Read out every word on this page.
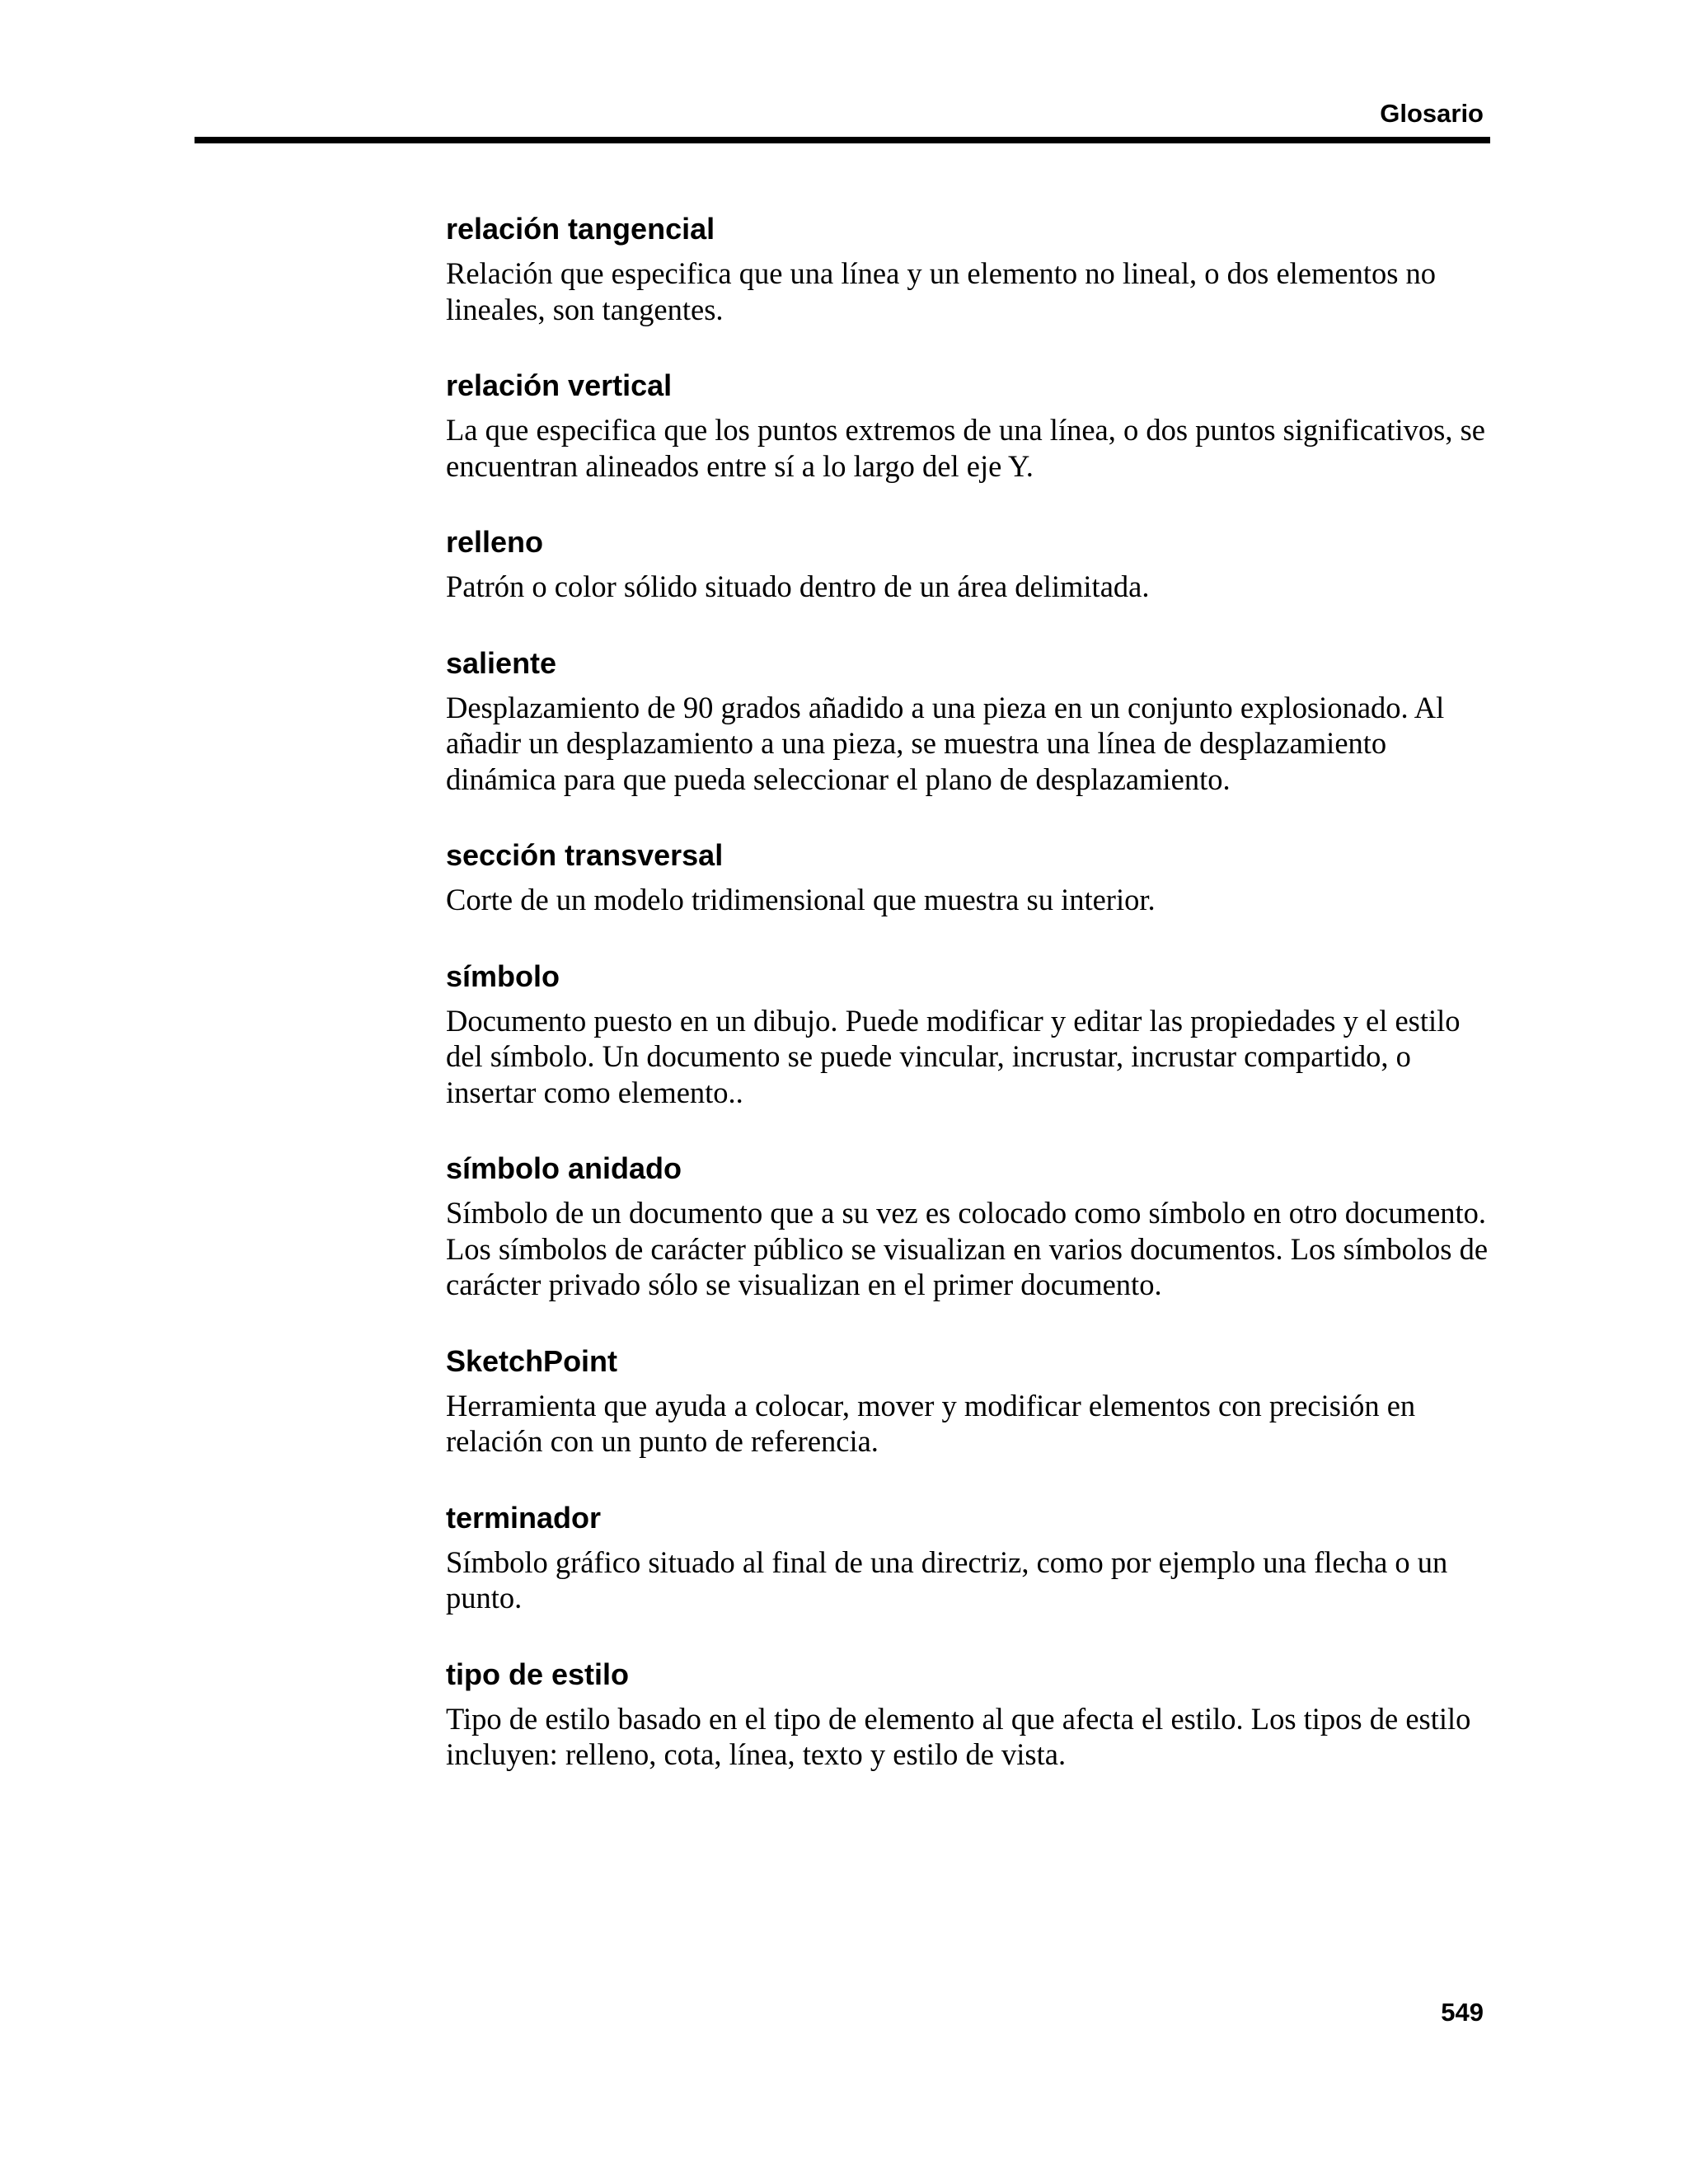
Glosario
relación tangencial

Relación que especifica que una línea y un elemento no lineal, o dos elementos no lineales, son tangentes.

relación vertical

La que especifica que los puntos extremos de una línea, o dos puntos significativos, se encuentran alineados entre sí a lo largo del eje Y.

relleno

Patrón o color sólido situado dentro de un área delimitada.

saliente

Desplazamiento de 90 grados añadido a una pieza en un conjunto explosionado. Al añadir un desplazamiento a una pieza, se muestra una línea de desplazamiento dinámica para que pueda seleccionar el plano de desplazamiento.

sección transversal

Corte de un modelo tridimensional que muestra su interior.

símbolo

Documento puesto en un dibujo. Puede modificar y editar las propiedades y el estilo del símbolo. Un documento se puede vincular, incrustar, incrustar compartido, o insertar como elemento..

símbolo anidado

Símbolo de un documento que a su vez es colocado como símbolo en otro documento. Los símbolos de carácter público se visualizan en varios documentos. Los símbolos de carácter privado sólo se visualizan en el primer documento.

SketchPoint

Herramienta que ayuda a colocar, mover y modificar elementos con precisión en relación con un punto de referencia.

terminador

Símbolo gráfico situado al final de una directriz, como por ejemplo una flecha o un punto.

tipo de estilo

Tipo de estilo basado en el tipo de elemento al que afecta el estilo. Los tipos de estilo incluyen: relleno, cota, línea, texto y estilo de vista.

549
